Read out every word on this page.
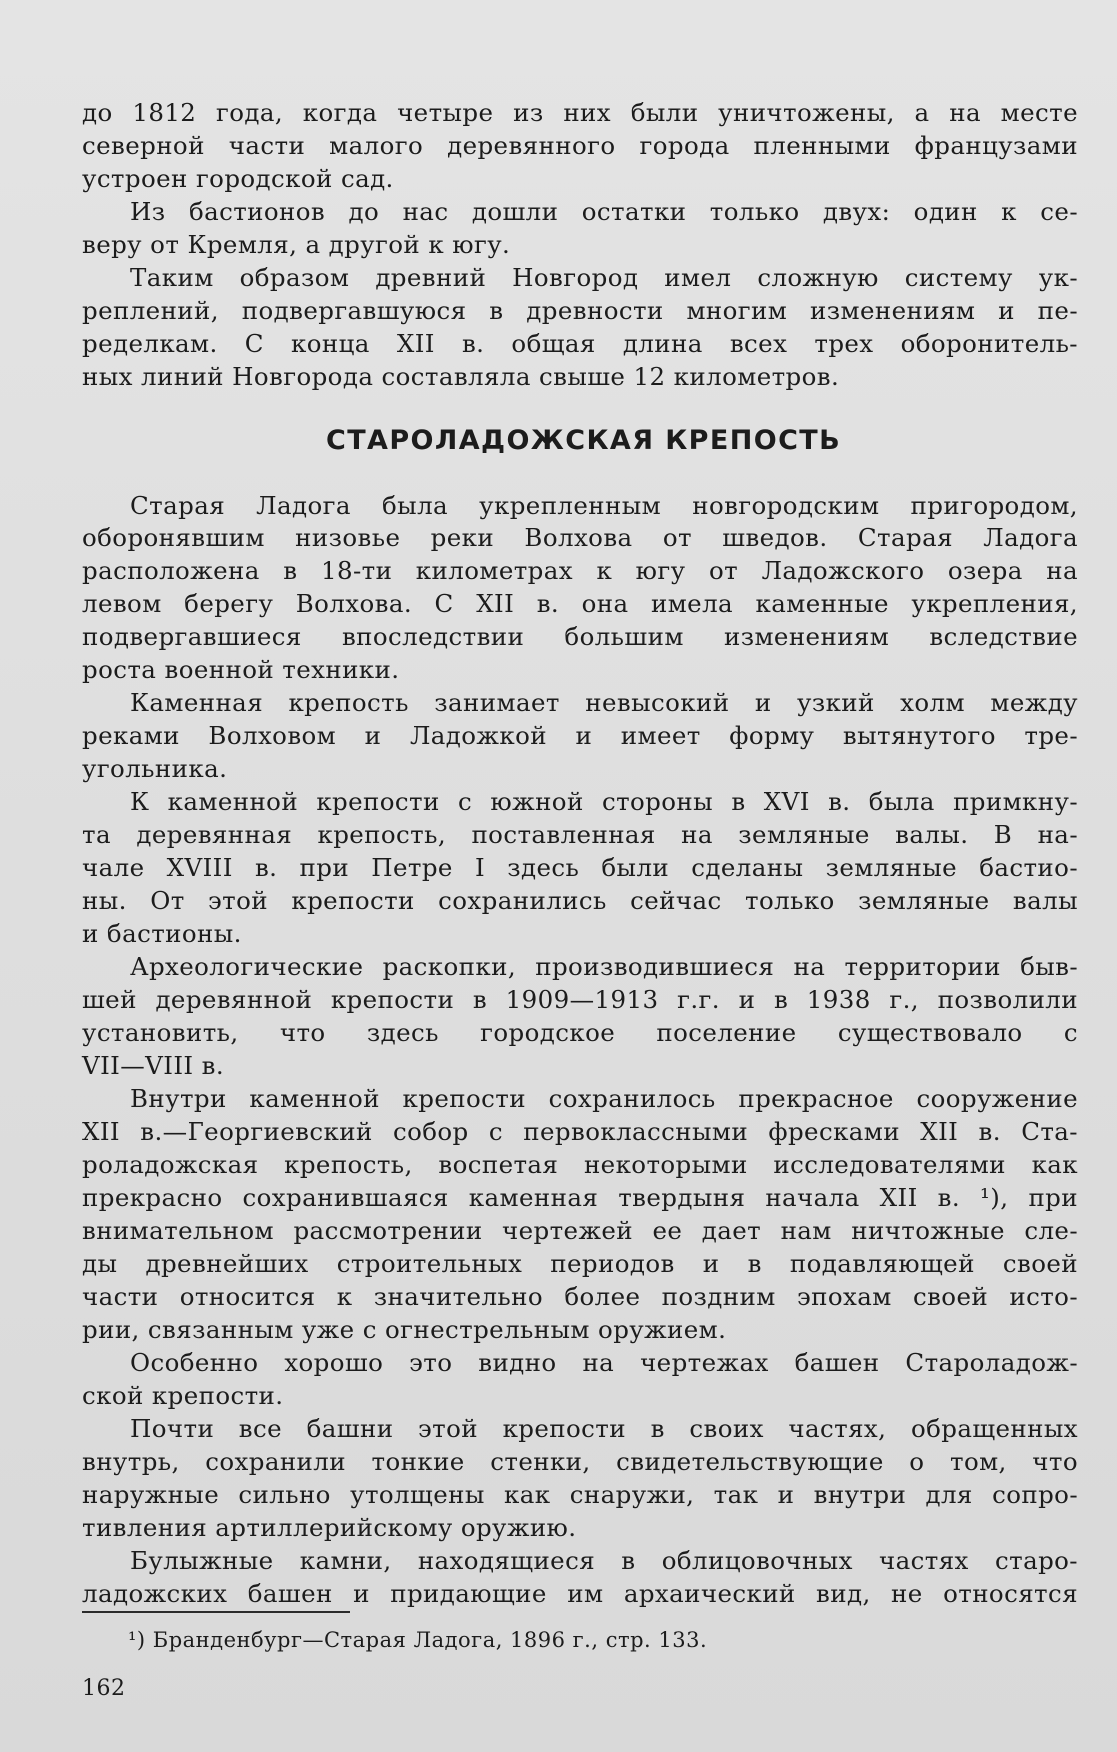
до 1812 года, когда четыре из них были уничтожены, а на месте
северной части малого деревянного города пленными французами
устроен городской сад.
Из бастионов до нас дошли остатки только двух: один к се-
веру от Кремля, а другой к югу.
Таким образом древний Новгород имел сложную систему ук-
реплений, подвергавшуюся в древности многим изменениям и пе-
ределкам. С конца XII в. общая длина всех трех оборонитель-
ных линий Новгорода составляла свыше 12 километров.
СТАРОЛАДОЖСКАЯ КРЕПОСТЬ
Старая Ладога была укрепленным новгородским пригородом,
оборонявшим низовье реки Волхова от шведов. Старая Ладога
расположена в 18-ти километрах к югу от Ладожского озера на
левом берегу Волхова. С XII в. она имела каменные укрепления,
подвергавшиеся впоследствии большим изменениям вследствие
роста военной техники.
Каменная крепость занимает невысокий и узкий холм между
реками Волховом и Ладожкой и имеет форму вытянутого тре-
угольника.
К каменной крепости с южной стороны в XVI в. была примкну-
та деревянная крепость, поставленная на земляные валы. В на-
чале XVIII в. при Петре I здесь были сделаны земляные бастио-
ны. От этой крепости сохранились сейчас только земляные валы
и бастионы.
Археологические раскопки, производившиеся на территории быв-
шей деревянной крепости в 1909—1913 г.г. и в 1938 г., позволили
установить, что здесь городское поселение существовало с
VII—VIII в.
Внутри каменной крепости сохранилось прекрасное сооружение
XII в.—Георгиевский собор с первоклассными фресками XII в. Ста-
роладожская крепость, воспетая некоторыми исследователями как
прекрасно сохранившаяся каменная твердыня начала XII в. ¹), при
внимательном рассмотрении чертежей ее дает нам ничтожные сле-
ды древнейших строительных периодов и в подавляющей своей
части относится к значительно более поздним эпохам своей исто-
рии, связанным уже с огнестрельным оружием.
Особенно хорошо это видно на чертежах башен Староладож-
ской крепости.
Почти все башни этой крепости в своих частях, обращенных
внутрь, сохранили тонкие стенки, свидетельствующие о том, что
наружные сильно утолщены как снаружи, так и внутри для сопро-
тивления артиллерийскому оружию.
Булыжные камни, находящиеся в облицовочных частях старо-
ладожских башен и придающие им архаический вид, не относятся
¹) Бранденбург—Старая Ладога, 1896 г., стр. 133.
162
